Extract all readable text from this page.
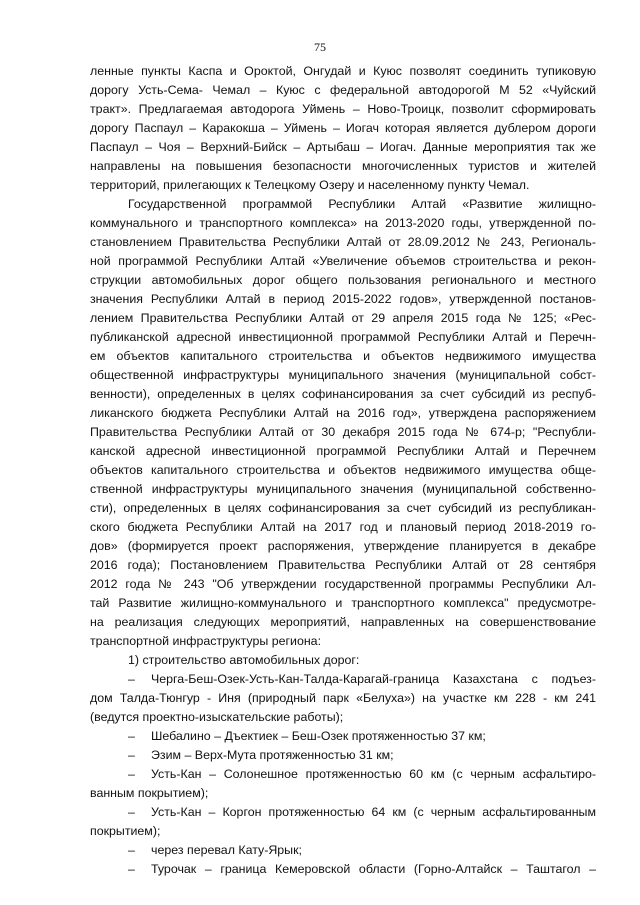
75
ленные пункты Каспа и Ороктой, Онгудай и Куюс позволят соединить тупиковую
дорогу Усть-Сема- Чемал – Куюс с федеральной автодорогой М 52 «Чуйский
тракт». Предлагаемая автодорога Уймень – Ново-Троицк, позволит сформировать
дорогу Паспаул – Каракокша – Уймень – Иогач которая является дублером дороги
Паспаул – Чоя – Верхний-Бийск – Артыбаш – Иогач. Данные мероприятия так же
направлены на повышения безопасности многочисленных туристов и жителей
территорий, прилегающих к Телецкому Озеру и населенному пункту Чемал.
Государственной программой Республики Алтай «Развитие жилищно-
коммунального и транспортного комплекса» на 2013-2020 годы, утвержденной по-
становлением Правительства Республики Алтай от 28.09.2012 № 243, Региональ-
ной программой Республики Алтай «Увеличение объемов строительства и рекон-
струкции автомобильных дорог общего пользования регионального и местного
значения Республики Алтай в период 2015-2022 годов», утвержденной постанов-
лением Правительства Республики Алтай от 29 апреля 2015 года № 125; «Рес-
публиканской адресной инвестиционной программой Республики Алтай и Перечн-
ем объектов капитального строительства и объектов недвижимого имущества
общественной инфраструктуры муниципального значения (муниципальной собст-
венности), определенных в целях софинансирования за счет субсидий из респуб-
ликанского бюджета Республики Алтай на 2016 год», утверждена распоряжением
Правительства Республики Алтай от 30 декабря 2015 года № 674-р; "Республи-
канской адресной инвестиционной программой Республики Алтай и Перечнем
объектов капитального строительства и объектов недвижимого имущества обще-
ственной инфраструктуры муниципального значения (муниципальной собственно-
сти), определенных в целях софинансирования за счет субсидий из республикан-
ского бюджета Республики Алтай на 2017 год и плановый период 2018-2019 го-
дов» (формируется проект распоряжения, утверждение планируется в декабре
2016 года); Постановлением Правительства Республики Алтай от 28 сентября
2012 года № 243 "Об утверждении государственной программы Республики Ал-
тай Развитие жилищно-коммунального и транспортного комплекса" предусмотре-
на реализация следующих мероприятий, направленных на совершенствование
транспортной инфраструктуры региона:
1) строительство автомобильных дорог:
– Черга-Беш-Озек-Усть-Кан-Талда-Карагай-граница Казахстана с подъез-
дом Талда-Тюнгур - Иня (природный парк «Белуха») на участке км 228 - км 241
(ведутся проектно-изыскательские работы);
– Шебалино – Дъектиек – Беш-Озек протяженностью 37 км;
– Эзим – Верх-Мута протяженностью 31 км;
– Усть-Кан – Солонешное протяженностью 60 км (с черным асфальтиро-
ванным покрытием);
– Усть-Кан – Коргон протяженностью 64 км (с черным асфальтированным
покрытием);
– через перевал Кату-Ярык;
– Турочак – граница Кемеровской области (Горно-Алтайск – Таштагол –
